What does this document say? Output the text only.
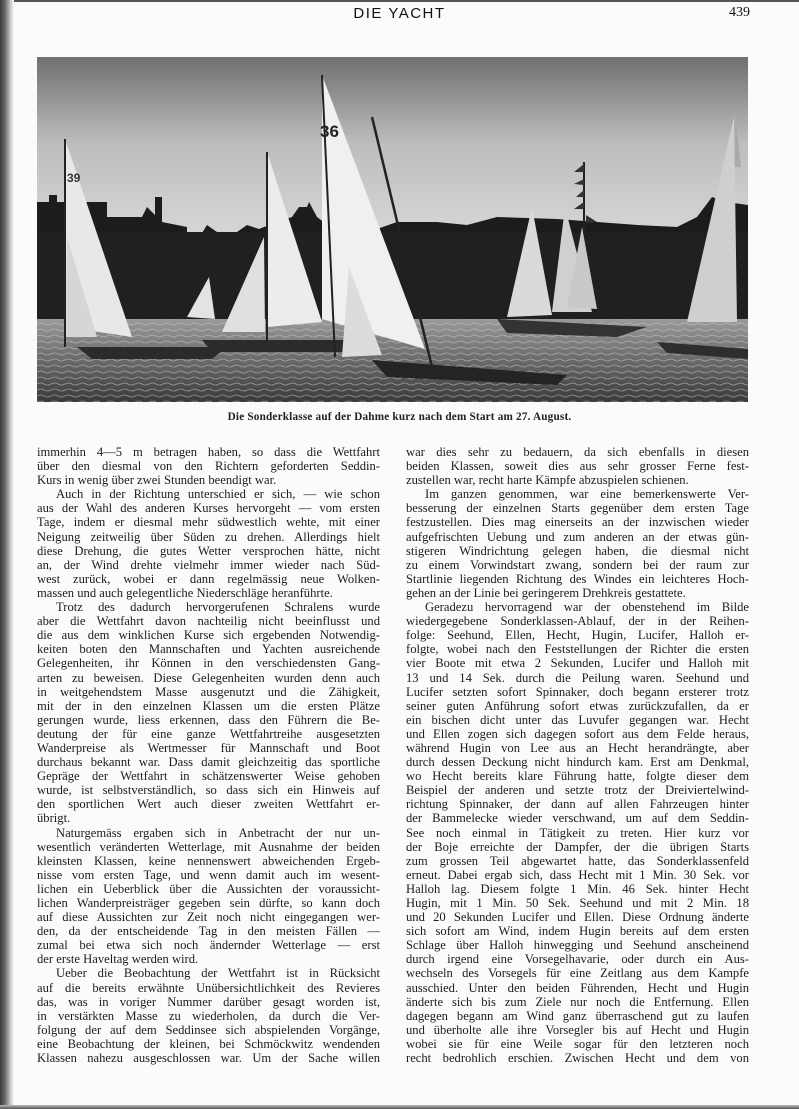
DIE YACHT	439
39
36
Die Sonderklasse auf der Dahme kurz nach dem Start am 27. August.
immerhin 4—5 m betragen haben, so dass die Wettfahrt
über den diesmal von den Richtern geforderten Seddin-
Kurs in wenig über zwei Stunden beendigt war.
Auch in der Richtung unterschied er sich, — wie schon
aus der Wahl des anderen Kurses hervorgeht — vom ersten
Tage, indem er diesmal mehr südwestlich wehte, mit einer
Neigung zeitweilig über Süden zu drehen. Allerdings hielt
diese Drehung, die gutes Wetter versprochen hätte, nicht
an, der Wind drehte vielmehr immer wieder nach Süd-
west zurück, wobei er dann regelmässig neue Wolken-
massen und auch gelegentliche Niederschläge heranführte.
Trotz des dadurch hervorgerufenen Schralens wurde
aber die Wettfahrt davon nachteilig nicht beeinflusst und
die aus dem winklichen Kurse sich ergebenden Notwendig-
keiten boten den Mannschaften und Yachten ausreichende
Gelegenheiten, ihr Können in den verschiedensten Gang-
arten zu beweisen. Diese Gelegenheiten wurden denn auch
in weitgehendstem Masse ausgenutzt und die Zähigkeit,
mit der in den einzelnen Klassen um die ersten Plätze
gerungen wurde, liess erkennen, dass den Führern die Be-
deutung der für eine ganze Wettfahrtreihe ausgesetzten
Wanderpreise als Wertmesser für Mannschaft und Boot
durchaus bekannt war. Dass damit gleichzeitig das sportliche
Gepräge der Wettfahrt in schätzenswerter Weise gehoben
wurde, ist selbstverständlich, so dass sich ein Hinweis auf
den sportlichen Wert auch dieser zweiten Wettfahrt er-
übrigt.
Naturgemäss ergaben sich in Anbetracht der nur un-
wesentlich veränderten Wetterlage, mit Ausnahme der beiden
kleinsten Klassen, keine nennenswert abweichenden Ergeb-
nisse vom ersten Tage, und wenn damit auch im wesent-
lichen ein Ueberblick über die Aussichten der voraussicht-
lichen Wanderpreisträger gegeben sein dürfte, so kann doch
auf diese Aussichten zur Zeit noch nicht eingegangen wer-
den, da der entscheidende Tag in den meisten Fällen —
zumal bei etwa sich noch ändernder Wetterlage — erst
der erste Haveltag werden wird.
Ueber die Beobachtung der Wettfahrt ist in Rücksicht
auf die bereits erwähnte Unübersichtlichkeit des Revieres
das, was in voriger Nummer darüber gesagt worden ist,
in verstärkten Masse zu wiederholen, da durch die Ver-
folgung der auf dem Seddinsee sich abspielenden Vorgänge,
eine Beobachtung der kleinen, bei Schmöckwitz wendenden
Klassen nahezu ausgeschlossen war. Um der Sache willen
war dies sehr zu bedauern, da sich ebenfalls in diesen
beiden Klassen, soweit dies aus sehr grosser Ferne fest-
zustellen war, recht harte Kämpfe abzuspielen schienen.
Im ganzen genommen, war eine bemerkenswerte Ver-
besserung der einzelnen Starts gegenüber dem ersten Tage
festzustellen. Dies mag einerseits an der inzwischen wieder
aufgefrischten Uebung und zum anderen an der etwas gün-
stigeren Windrichtung gelegen haben, die diesmal nicht
zu einem Vorwindstart zwang, sondern bei der raum zur
Startlinie liegenden Richtung des Windes ein leichteres Hoch-
gehen an der Linie bei geringerem Drehkreis gestattete.
Geradezu hervorragend war der obenstehend im Bilde
wiedergegebene Sonderklassen-Ablauf, der in der Reihen-
folge: Seehund, Ellen, Hecht, Hugin, Lucifer, Halloh er-
folgte, wobei nach den Feststellungen der Richter die ersten
vier Boote mit etwa 2 Sekunden, Lucifer und Halloh mit
13 und 14 Sek. durch die Peilung waren. Seehund und
Lucifer setzten sofort Spinnaker, doch begann ersterer trotz
seiner guten Anführung sofort etwas zurückzufallen, da er
ein bischen dicht unter das Luvufer gegangen war. Hecht
und Ellen zogen sich dagegen sofort aus dem Felde heraus,
während Hugin von Lee aus an Hecht herandrängte, aber
durch dessen Deckung nicht hindurch kam. Erst am Denkmal,
wo Hecht bereits klare Führung hatte, folgte dieser dem
Beispiel der anderen und setzte trotz der Dreiviertelwind-
richtung Spinnaker, der dann auf allen Fahrzeugen hinter
der Bammelecke wieder verschwand, um auf dem Seddin-
See noch einmal in Tätigkeit zu treten. Hier kurz vor
der Boje erreichte der Dampfer, der die übrigen Starts
zum grossen Teil abgewartet hatte, das Sonderklassenfeld
erneut. Dabei ergab sich, dass Hecht mit 1 Min. 30 Sek. vor
Halloh lag. Diesem folgte 1 Min. 46 Sek. hinter Hecht
Hugin, mit 1 Min. 50 Sek. Seehund und mit 2 Min. 18
und 20 Sekunden Lucifer und Ellen. Diese Ordnung änderte
sich sofort am Wind, indem Hugin bereits auf dem ersten
Schlage über Halloh hinwegging und Seehund anscheinend
durch irgend eine Vorsegelhavarie, oder durch ein Aus-
wechseln des Vorsegels für eine Zeitlang aus dem Kampfe
ausschied. Unter den beiden Führenden, Hecht und Hugin
änderte sich bis zum Ziele nur noch die Entfernung. Ellen
dagegen begann am Wind ganz überraschend gut zu laufen
und überholte alle ihre Vorsegler bis auf Hecht und Hugin
wobei sie für eine Weile sogar für den letzteren noch
recht bedrohlich erschien. Zwischen Hecht und dem von
